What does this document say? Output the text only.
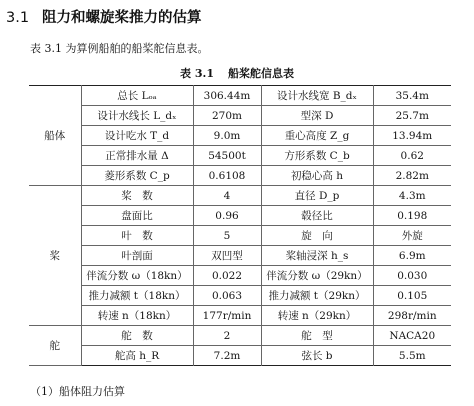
3.1 阻力和螺旋桨推力的估算
表 3.1 为算例船舶的船桨舵信息表。
表 3.1 船桨舵信息表
船体	总长 Lₒₐ	306.44m	设计水线宽 B_dₓ	35.4m
	设计水线长 L_dₓ	270m	型深 D	25.7m
	设计吃水 T_d	9.0m	重心高度 Z_g	13.94m
	正常排水量 Δ	54500t	方形系数 C_b	0.62
	菱形系数 C_p	0.6108	初稳心高 h	2.82m
桨	桨　数	4	直径 D_p	4.3m
	盘面比	0.96	毂径比	0.198
	叶　数	5	旋　向	外旋
	叶剖面	双凹型	桨轴浸深 h_s	6.9m
	伴流分数 ω（18kn）	0.022	伴流分数 ω（29kn）	0.030
	推力减额 t（18kn）	0.063	推力减额 t（29kn）	0.105
	转速 n（18kn）	177r/min	转速 n（29kn）	298r/min
舵	舵　数	2	舵　型	NACA20
	舵高 h_R	7.2m	弦长 b	5.5m
（1）船体阻力估算
